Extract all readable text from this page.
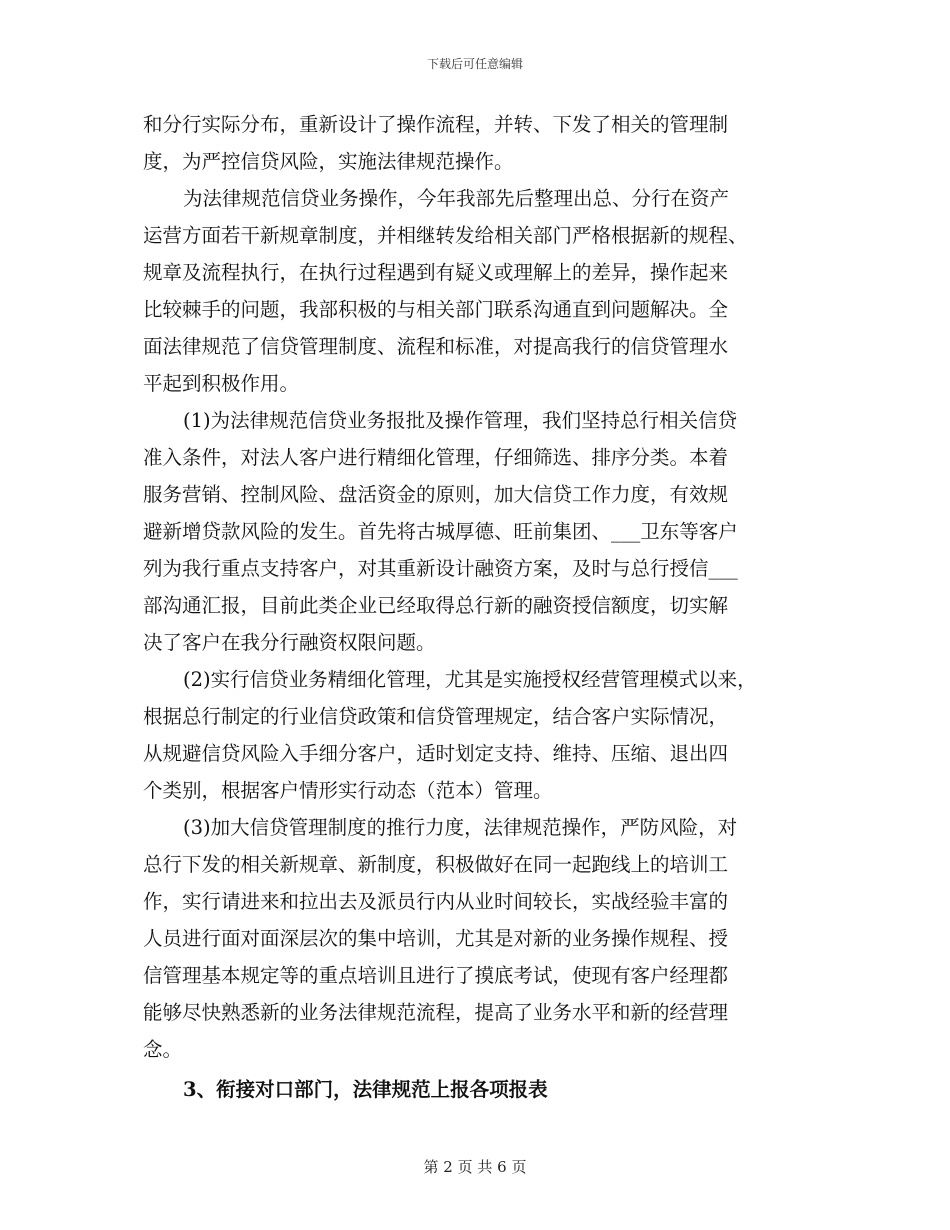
下载后可任意编辑
和分行实际分布，重新设计了操作流程，并转、下发了相关的管理制
度，为严控信贷风险，实施法律规范操作。
为法律规范信贷业务操作，今年我部先后整理出总、分行在资产
运营方面若干新规章制度，并相继转发给相关部门严格根据新的规程、
规章及流程执行，在执行过程遇到有疑义或理解上的差异，操作起来
比较棘手的问题，我部积极的与相关部门联系沟通直到问题解决。全
面法律规范了信贷管理制度、流程和标准，对提高我行的信贷管理水
平起到积极作用。
(1)为法律规范信贷业务报批及操作管理，我们坚持总行相关信贷
准入条件，对法人客户进行精细化管理，仔细筛选、排序分类。本着
服务营销、控制风险、盘活资金的原则，加大信贷工作力度，有效规
避新增贷款风险的发生。首先将古城厚德、旺前集团、___卫东等客户
列为我行重点支持客户，对其重新设计融资方案，及时与总行授信___
部沟通汇报，目前此类企业已经取得总行新的融资授信额度，切实解
决了客户在我分行融资权限问题。
(2)实行信贷业务精细化管理，尤其是实施授权经营管理模式以来，
根据总行制定的行业信贷政策和信贷管理规定，结合客户实际情况，
从规避信贷风险入手细分客户，适时划定支持、维持、压缩、退出四
个类别，根据客户情形实行动态（范本）管理。
(3)加大信贷管理制度的推行力度，法律规范操作，严防风险，对
总行下发的相关新规章、新制度，积极做好在同一起跑线上的培训工
作，实行请进来和拉出去及派员行内从业时间较长，实战经验丰富的
人员进行面对面深层次的集中培训，尤其是对新的业务操作规程、授
信管理基本规定等的重点培训且进行了摸底考试，使现有客户经理都
能够尽快熟悉新的业务法律规范流程，提高了业务水平和新的经营理
念。
3、衔接对口部门，法律规范上报各项报表
第 2 页 共 6 页
